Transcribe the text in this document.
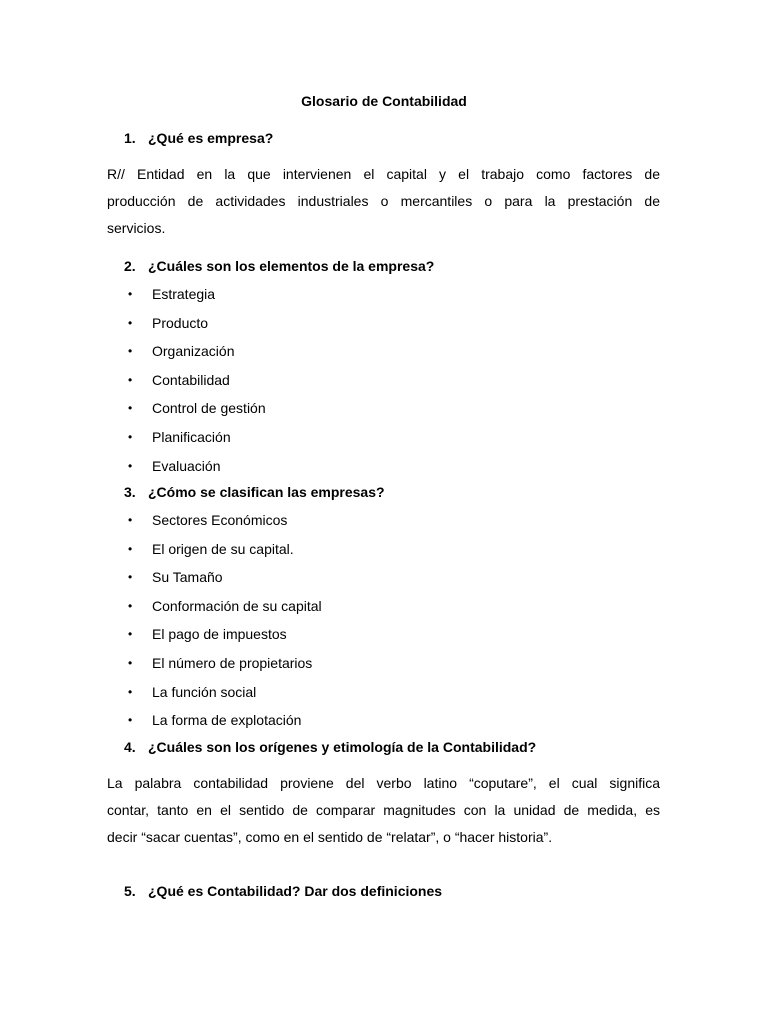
Glosario de Contabilidad
1. ¿Qué es empresa?
R// Entidad en la que intervienen el capital y el trabajo como factores de
producción de actividades industriales o mercantiles o para la prestación de
servicios.
2. ¿Cuáles son los elementos de la empresa?
• Estrategia
• Producto
• Organización
• Contabilidad
• Control de gestión
• Planificación
• Evaluación
3. ¿Cómo se clasifican las empresas?
• Sectores Económicos
• El origen de su capital.
• Su Tamaño
• Conformación de su capital
• El pago de impuestos
• El número de propietarios
• La función social
• La forma de explotación
4. ¿Cuáles son los orígenes y etimología de la Contabilidad?
La palabra contabilidad proviene del verbo latino “coputare”, el cual significa
contar, tanto en el sentido de comparar magnitudes con la unidad de medida, es
decir “sacar cuentas”, como en el sentido de “relatar”, o “hacer historia”.
5. ¿Qué es Contabilidad? Dar dos definiciones
